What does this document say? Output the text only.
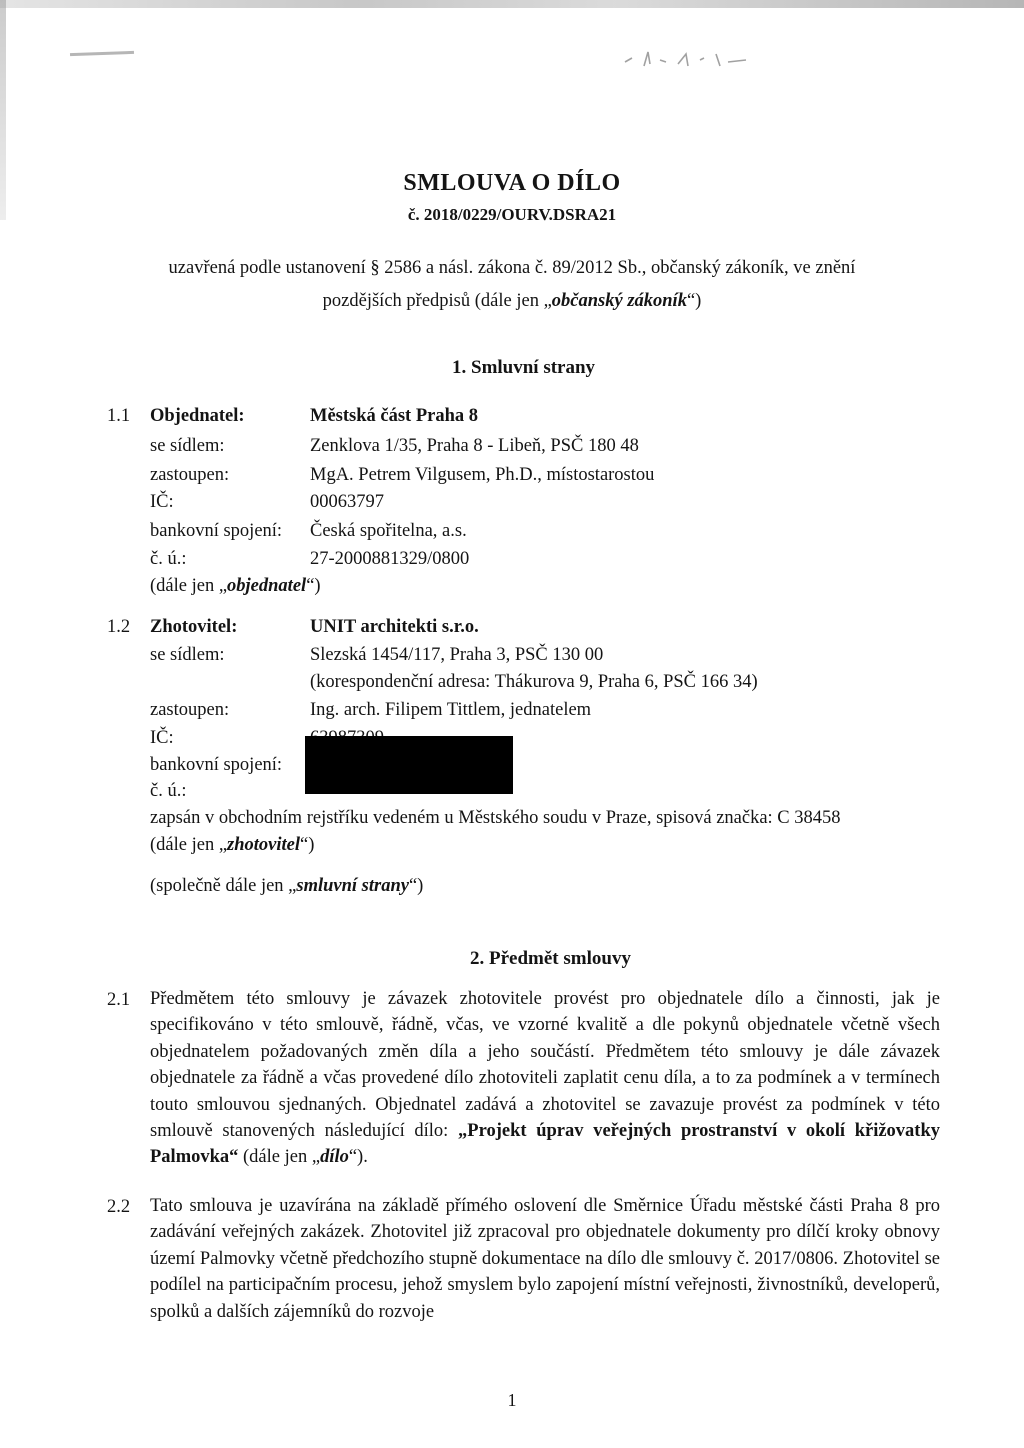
SMLOUVA O DÍLO
č. 2018/0229/OURV.DSRA21
uzavřená podle ustanovení § 2586 a násl. zákona č. 89/2012 Sb., občanský zákoník, ve znění
pozdějších předpisů (dále jen „občanský zákoník“)
1. Smluvní strany
1.1 Objednatel:	Městská část Praha 8
se sídlem:	Zenklova 1/35, Praha 8 - Libeň, PSČ 180 48
zastoupen:	MgA. Petrem Vilgusem, Ph.D., místostarostou
IČ:	00063797
bankovní spojení: Česká spořitelna, a.s.
č. ú.:	27-2000881329/0800
(dále jen „objednatel“)
1.2 Zhotovitel:	UNIT architekti s.r.o.
se sídlem:	Slezská 1454/117, Praha 3, PSČ 130 00
(korespondenční adresa: Thákurova 9, Praha 6, PSČ 166 34)
zastoupen:	Ing. arch. Filipem Tittlem, jednatelem
IČ:
bankovní spojení:
č. ú.:
zapsán v obchodním rejstříku vedeném u Městského soudu v Praze, spisová značka: C 38458
(dále jen „zhotovitel“)
(společně dále jen „smluvní strany“)
2. Předmět smlouvy
2.1 Předmětem této smlouvy je závazek zhotovitele provést pro objednatele dílo a činnosti, jak je specifikováno v této smlouvě, řádně, včas, ve vzorné kvalitě a dle pokynů objednatele včetně všech objednatelem požadovaných změn díla a jeho součástí. Předmětem této smlouvy je dále závazek objednatele za řádně a včas provedené dílo zhotoviteli zaplatit cenu díla, a to za podmínek a v termínech touto smlouvou sjednaných. Objednatel zadává a zhotovitel se zavazuje provést za podmínek v této smlouvě stanovených následující dílo: „Projekt úprav veřejných prostranství v okolí křižovatky Palmovka“ (dále jen „dílo“).
2.2 Tato smlouva je uzavírána na základě přímého oslovení dle Směrnice Úřadu městské části Praha 8 pro zadávání veřejných zakázek. Zhotovitel již zpracoval pro objednatele dokumenty pro dílčí kroky obnovy území Palmovky včetně předchozího stupně dokumentace na dílo dle smlouvy č. 2017/0806. Zhotovitel se podílel na participačním procesu, jehož smyslem bylo zapojení místní veřejnosti, živnostníků, developerů, spolků a dalších zájemníků do rozvoje
1
